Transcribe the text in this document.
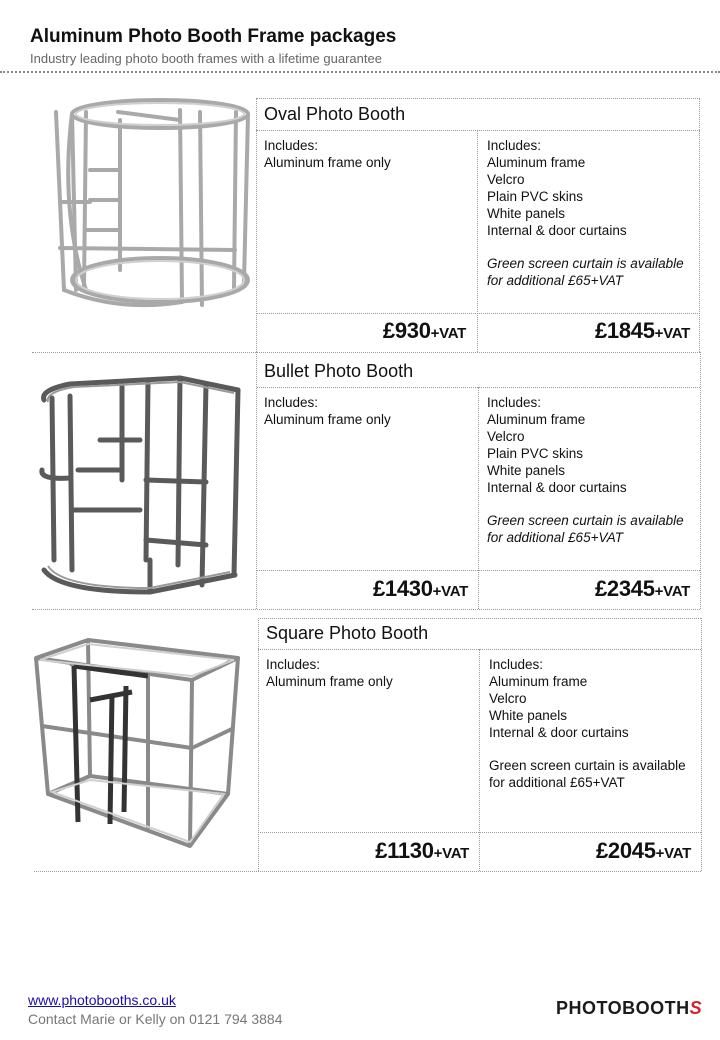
Aluminum Photo Booth Frame packages
Industry leading photo booth frames with a lifetime guarantee
Oval Photo Booth
Includes:
Aluminum frame only
Includes:
Aluminum frame
Velcro
Plain PVC skins
White panels
Internal & door curtains
Green screen curtain is available
for additional £65+VAT
£930+VAT	£1845+VAT
Bullet Photo Booth
Includes:
Aluminum frame only
Includes:
Aluminum frame
Velcro
Plain PVC skins
White panels
Internal & door curtains
Green screen curtain is available
for additional £65+VAT
£1430+VAT	£2345+VAT
Square Photo Booth
Includes:
Aluminum frame only
Includes:
Aluminum frame
Velcro
White panels
Internal & door curtains
Green screen curtain is available
for additional £65+VAT
£1130+VAT	£2045+VAT
www.photobooths.co.uk
Contact Marie or Kelly on 0121 794 3884
PHOTOBOOTHS
